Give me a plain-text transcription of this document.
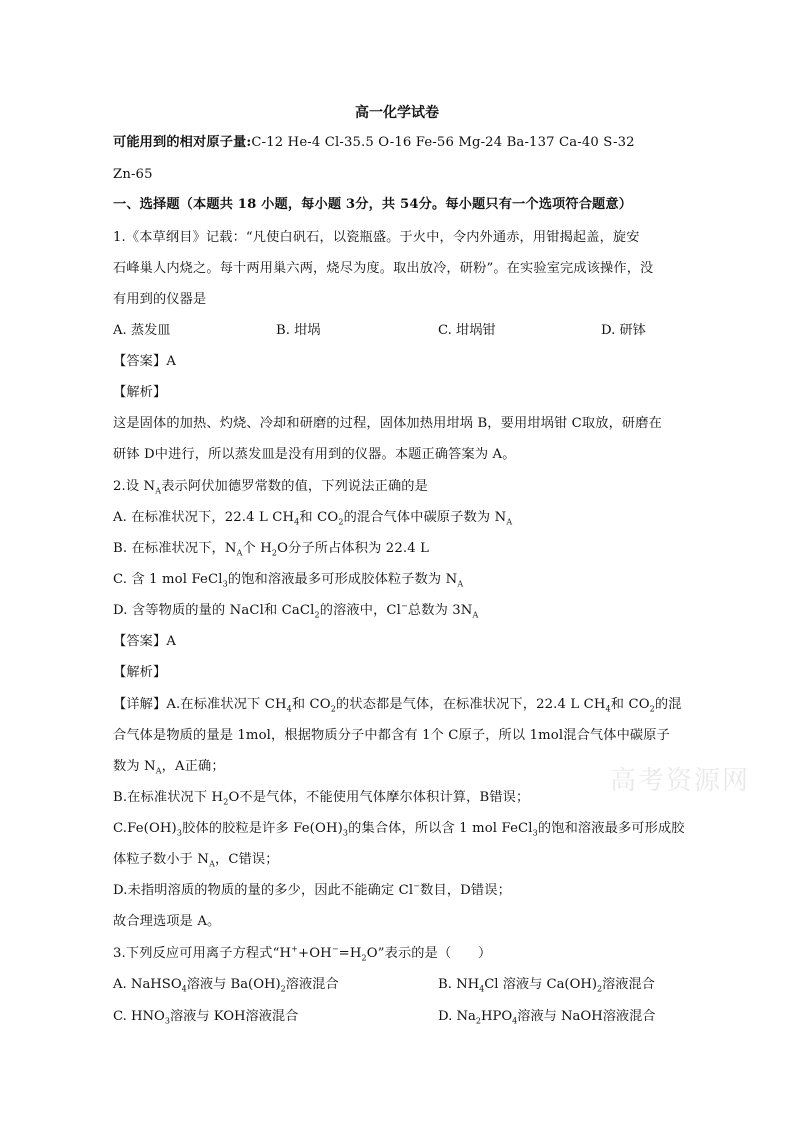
高一化学试卷
可能用到的相对原子量:C-12 He-4 Cl-35.5 O-16 Fe-56 Mg-24 Ba-137 Ca-40 S-32
Zn-65
一、选择题（本题共 18 小题，每小题 3分，共 54分。每小题只有一个选项符合题意）
1.《本草纲目》记载：“凡使白矾石，以瓷瓶盛。于火中，令内外通赤，用钳揭起盖，旋安
石峰巢人内烧之。每十两用巢六两，烧尽为度。取出放冷，研粉”。在实验室完成该操作，没
有用到的仪器是
A. 蒸发皿	B. 坩埚	C. 坩埚钳	D. 研钵
【答案】A
【解析】
这是固体的加热、灼烧、冷却和研磨的过程，固体加热用坩埚 B，要用坩埚钳 C取放，研磨在
研钵 D中进行，所以蒸发皿是没有用到的仪器。本题正确答案为 A。
2.设 $N_A$表示阿伏加德罗常数的值，下列说法正确的是
A. 在标准状况下，22.4 L $CH_4$和 $CO_2$的混合气体中碳原子数为 $N_A$
B. 在标准状况下，$N_A$个 $H_2O$分子所占体积为 22.4 L
C. 含 1 mol FeCl$_3$的饱和溶液最多可形成胶体粒子数为 $N_A$
D. 含等物质的量的 NaCl和 CaCl$_2$的溶液中，Cl−总数为 $3N_A$
【答案】A
【解析】
【详解】A.在标准状况下 $CH_4$和 $CO_2$的状态都是气体，在标准状况下，22.4 L $CH_4$和 $CO_2$的混
合气体是物质的量是 1mol，根据物质分子中都含有 1个 C原子，所以 1mol混合气体中碳原子
数为 $N_A$，A正确；
B.在标准状况下 $H_2O$不是气体，不能使用气体摩尔体积计算，B错误；
$C.Fe(OH)_3$胶体的胶粒是许多 $Fe(OH)_3$的集合体，所以含 1 mol FeCl$_3$的饱和溶液最多可形成胶
体粒子数小于 $N_A$，C错误；
D.未指明溶质的物质的量的多少，因此不能确定 Cl−数目，D错误；
故合理选项是 A。
3.下列反应可用离子方程式“$H^++OH^-=H_2O$”表示的是（　　）
A. NaHSO$_4$溶液与 $Ba(OH)_2$溶液混合	B. $NH_4Cl$ 溶液与 $Ca(OH)_2$溶液混合
C. $HNO_3$溶液与 KOH溶液混合	D. $Na_2HPO_4$溶液与 NaOH溶液混合
高考资源网
